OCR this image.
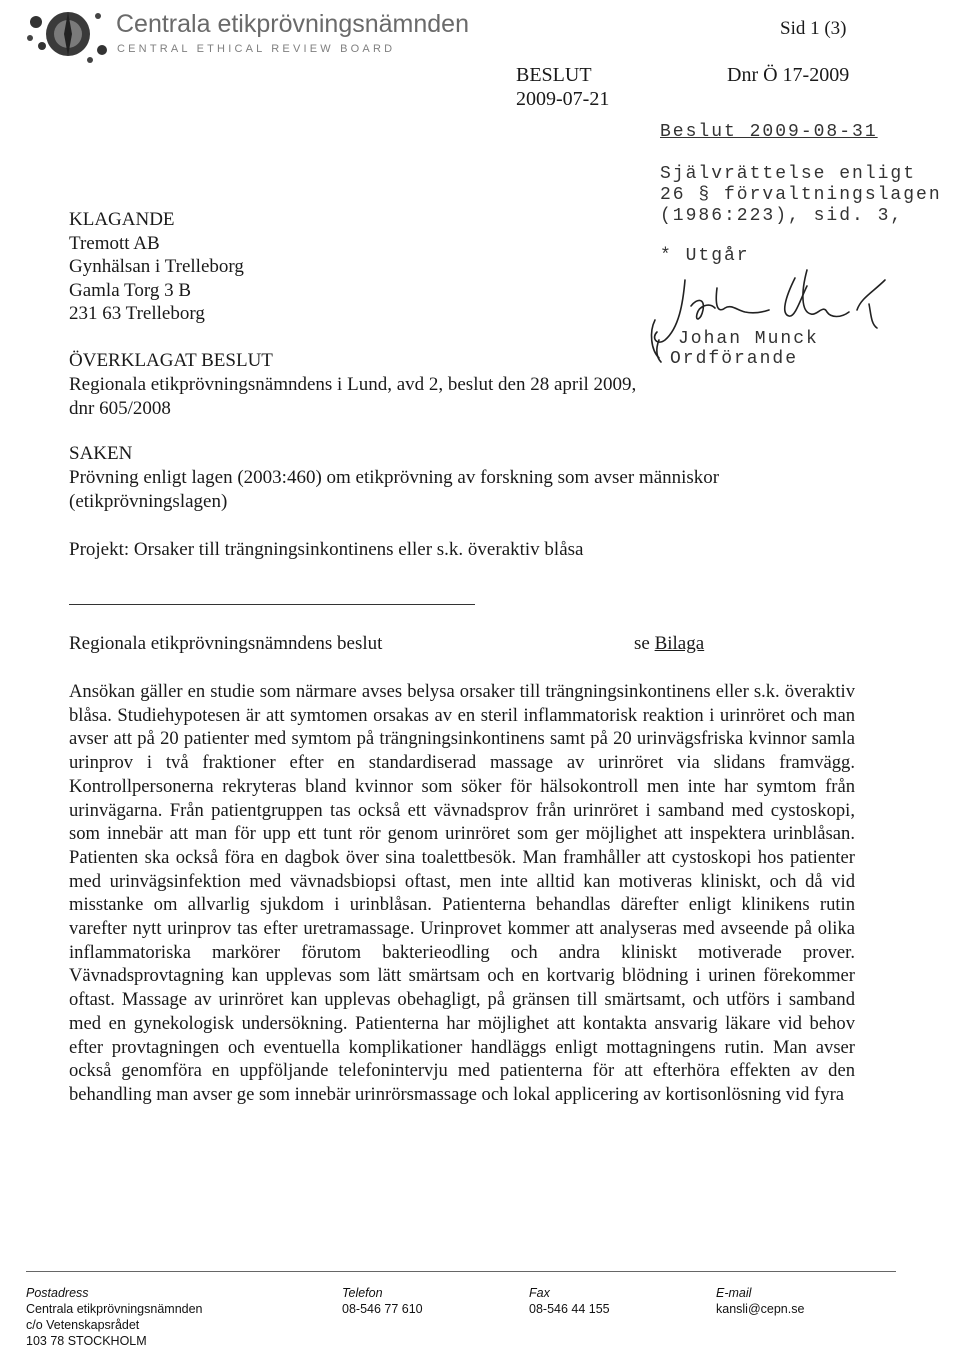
Centrala etikprövningsnämnden
CENTRAL ETHICAL REVIEW BOARD
Sid 1 (3)
BESLUT
2009-07-21
Dnr Ö 17-2009
Beslut 2009-08-31
Självrättelse enligt
26 § förvaltningslagen
(1986:223), sid. 3,
* Utgår
Johan Munck
Ordförande
KLAGANDE
Tremott AB
Gynhälsan i Trelleborg
Gamla Torg 3 B
231 63 Trelleborg
ÖVERKLAGAT BESLUT
Regionala etikprövningsnämndens i Lund, avd 2, beslut den 28 april 2009,
dnr 605/2008
SAKEN
Prövning enligt lagen (2003:460) om etikprövning av forskning som avser människor
(etikprövningslagen)
Projekt: Orsaker till trängningsinkontinens eller s.k. överaktiv blåsa
Regionala etikprövningsnämndens beslut	se Bilaga
Ansökan gäller en studie som närmare avses belysa orsaker till trängningsinkontinens eller s.k. överaktiv blåsa. Studiehypotesen är att symtomen orsakas av en steril inflammatorisk reaktion i urinröret och man avser att på 20 patienter med symtom på trängningsinkontinens samt på 20 urinvägsfriska kvinnor samla urinprov i två fraktioner efter en standardiserad massage av urinröret via slidans framvägg. Kontrollpersonerna rekryteras bland kvinnor som söker för hälsokontroll men inte har symtom från urinvägarna. Från patientgruppen tas också ett vävnadsprov från urinröret i samband med cystoskopi, som innebär att man för upp ett tunt rör genom urinröret som ger möjlighet att inspektera urinblåsan. Patienten ska också föra en dagbok över sina toalettbesök. Man framhåller att cystoskopi hos patienter med urinvägsinfektion med vävnadsbiopsi oftast, men inte alltid kan motiveras kliniskt, och då vid misstanke om allvarlig sjukdom i urinblåsan. Patienterna behandlas därefter enligt klinikens rutin varefter nytt urinprov tas efter uretramassage. Urinprovet kommer att analyseras med avseende på olika inflammatoriska markörer förutom bakterieodling och andra kliniskt motiverade prover. Vävnadsprovtagning kan upplevas som lätt smärtsam och en kortvarig blödning i urinen förekommer oftast. Massage av urinröret kan upplevas obehagligt, på gränsen till smärtsamt, och utförs i samband med en gynekologisk undersökning. Patienterna har möjlighet att kontakta ansvarig läkare vid behov efter provtagningen och eventuella komplikationer handläggs enligt mottagningens rutin. Man avser också genomföra en uppföljande telefonintervju med patienterna för att efterhöra effekten av den behandling man avser ge som innebär urinrörsmassage och lokal applicering av kortisonlösning vid fyra
Postadress
Centrala etikprövningsnämnden
c/o Vetenskapsrådet
103 78 STOCKHOLM
Telefon
08-546 77 610
Fax
08-546 44 155
E-mail
kansli@cepn.se
